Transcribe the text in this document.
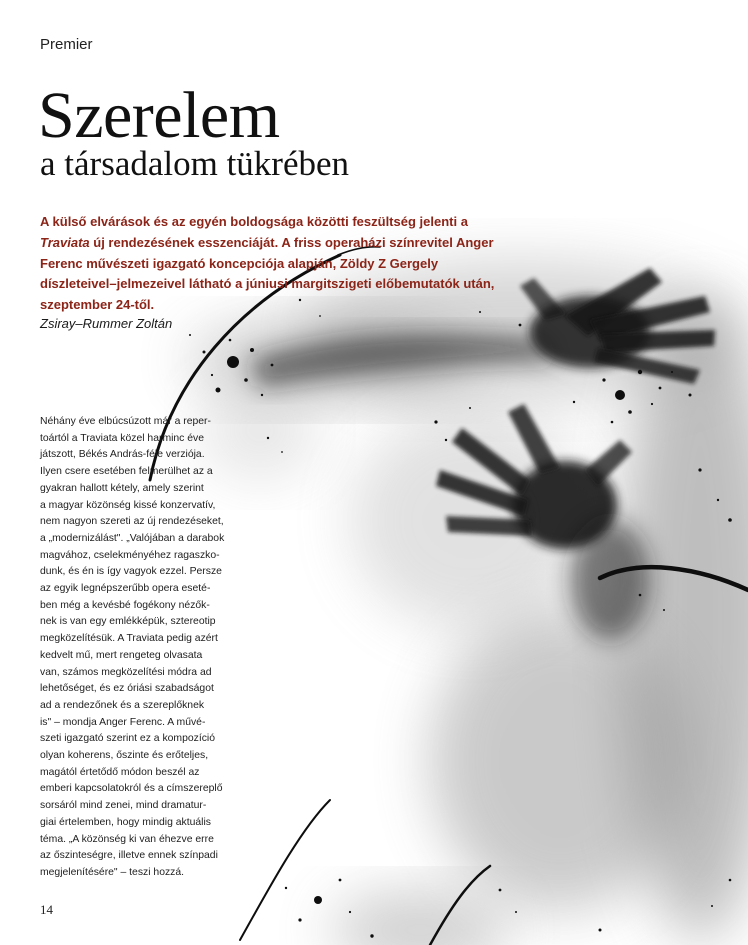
Premier
Szerelem
a társadalom tükrében

A külső elvárások és az egyén boldogsága közötti feszültség jelenti a Traviata új rendezésének esszenciáját. A friss operaházi színrevitel Anger Ferenc művészeti igazgató koncepciója alapján, Zöldy Z Gergely díszleteivel–jelmezeivel látható a júniusi margitszigeti előbemutatók után, szeptember 24-től.

Zsiray–Rummer Zoltán
Néhány éve elbúcsúzott már a reper-
toártól a Traviata közel harminc éve
játszott, Békés András-féle verziója.
Ilyen csere esetében felmerülhet az a
gyakran hallott kétely, amely szerint
a magyar közönség kissé konzervatív,
nem nagyon szereti az új rendezéseket,
a „modernizálást". „Valójában a darabok
magvához, cselekményéhez ragaszko-
dunk, és én is így vagyok ezzel. Persze
az egyik legnépszerűbb opera eseté-
ben még a kevésbé fogékony nézők-
nek is van egy emlékképük, sztereotip
megközelítésük. A Traviata pedig azért
kedvelt mű, mert rengeteg olvasata
van, számos megközelítési módra ad
lehetőséget, és ez óriási szabadságot
ad a rendezőnek és a szereplőknek
is" – mondja Anger Ferenc. A művé-
szeti igazgató szerint ez a kompozíció
olyan koherens, őszinte és erőteljes,
magától értetődő módon beszél az
emberi kapcsolatokról és a címszereplő
sorsáról mind zenei, mind dramatur-
giai értelemben, hogy mindig aktuális
téma. „A közönség ki van éhezve erre
az őszinteségre, illetve ennek színpadi
megjelenítésére" – teszi hozzá.
14
